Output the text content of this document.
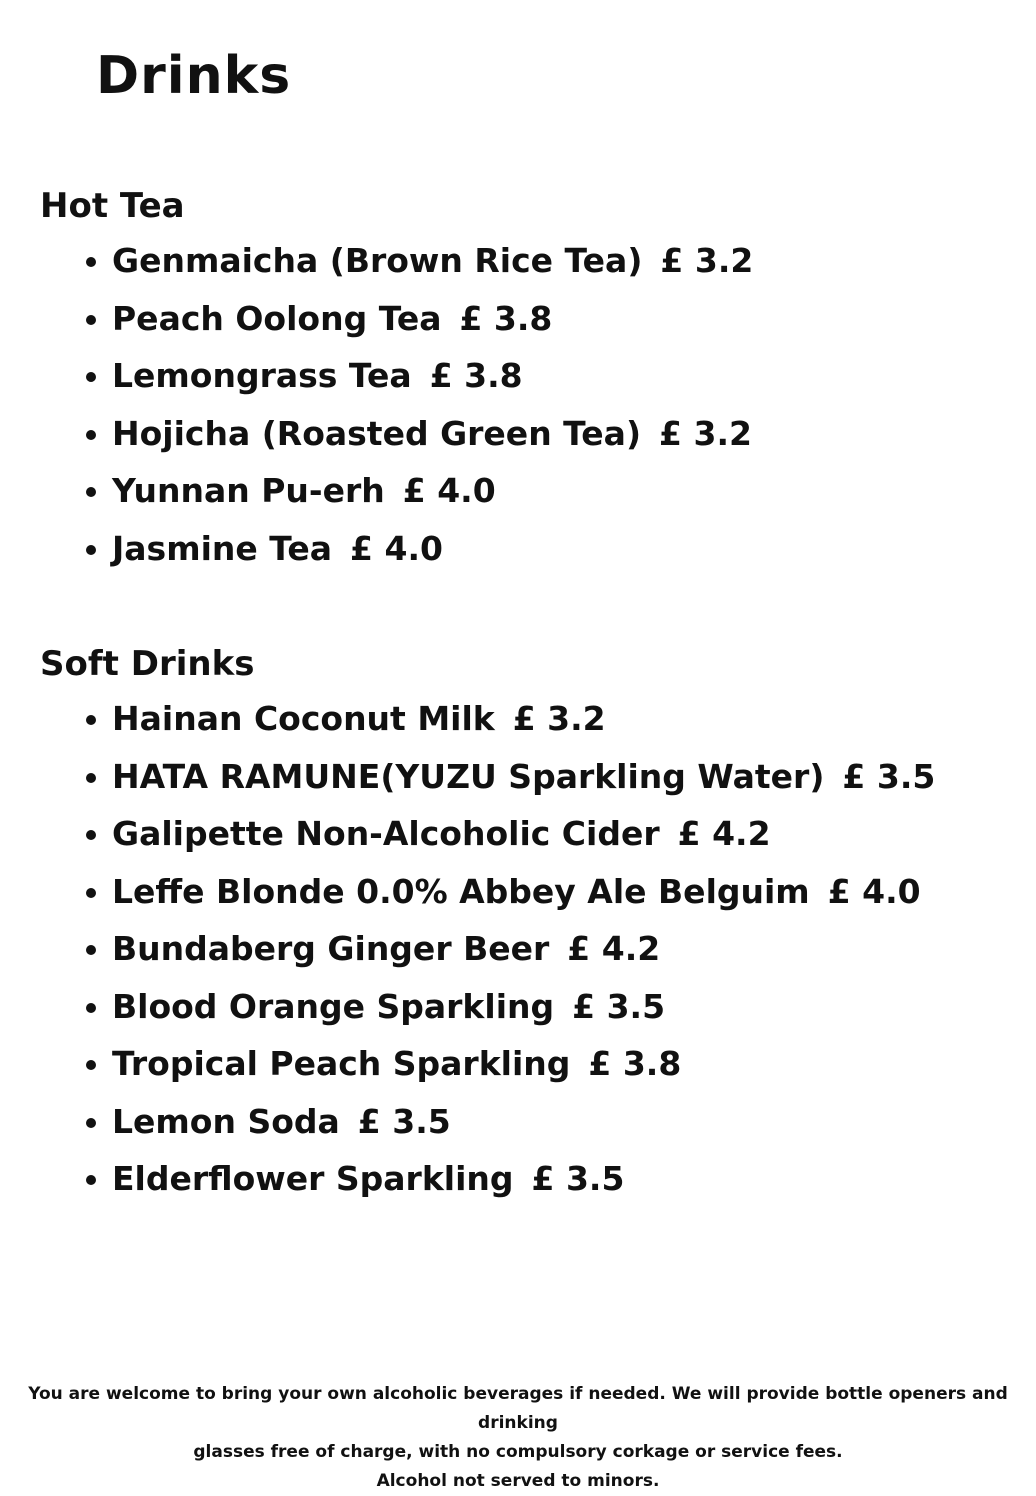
Drinks
Hot Tea
Genmaicha (Brown Rice Tea) £ 3.2
Peach Oolong Tea £ 3.8
Lemongrass Tea £ 3.8
Hojicha (Roasted Green Tea) £ 3.2
Yunnan Pu-erh £ 4.0
Jasmine Tea £ 4.0
Soft Drinks
Hainan Coconut Milk £ 3.2
HATA RAMUNE(YUZU Sparkling Water) £ 3.5
Galipette Non-Alcoholic Cider £ 4.2
Leffe Blonde 0.0% Abbey Ale Belguim £ 4.0
Bundaberg Ginger Beer £ 4.2
Blood Orange Sparkling £ 3.5
Tropical Peach Sparkling £ 3.8
Lemon Soda £ 3.5
Elderflower Sparkling £ 3.5

You are welcome to bring your own alcoholic beverages if needed. We will provide bottle openers and drinking

glasses free of charge, with no compulsory corkage or service fees.

Alcohol not served to minors.
